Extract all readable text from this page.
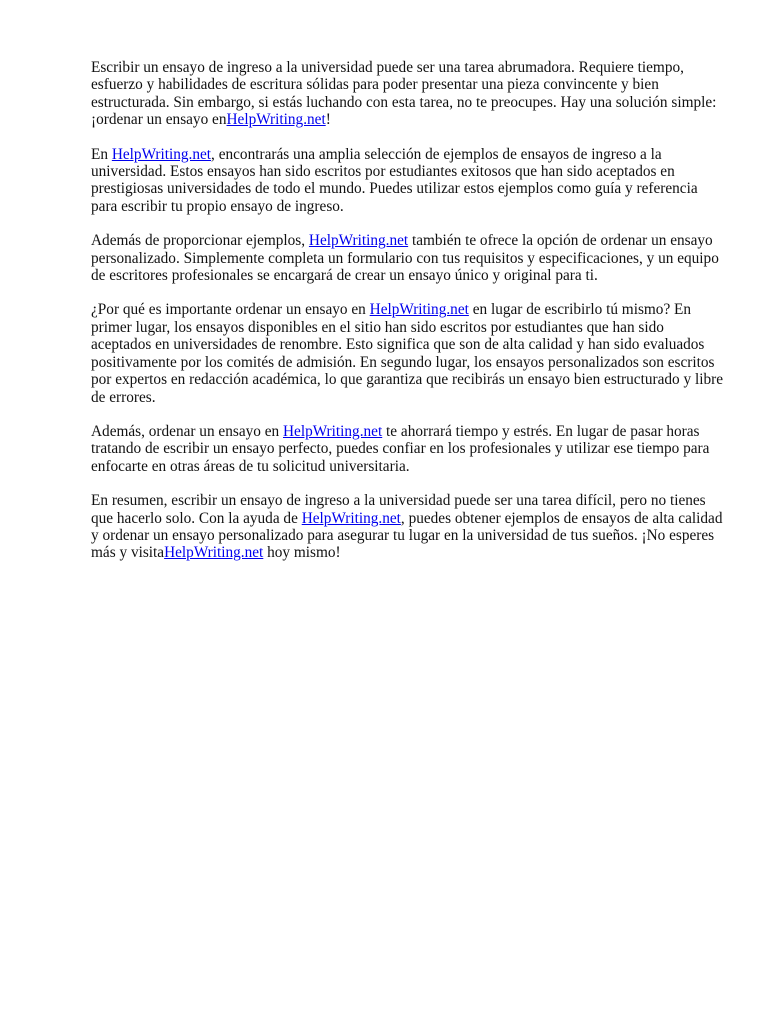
Escribir un ensayo de ingreso a la universidad puede ser una tarea abrumadora. Requiere tiempo, esfuerzo y habilidades de escritura sólidas para poder presentar una pieza convincente y bien estructurada. Sin embargo, si estás luchando con esta tarea, no te preocupes. Hay una solución simple: ¡ordenar un ensayo enHelpWriting.net!

En HelpWriting.net, encontrarás una amplia selección de ejemplos de ensayos de ingreso a la universidad. Estos ensayos han sido escritos por estudiantes exitosos que han sido aceptados en prestigiosas universidades de todo el mundo. Puedes utilizar estos ejemplos como guía y referencia para escribir tu propio ensayo de ingreso.

Además de proporcionar ejemplos, HelpWriting.net también te ofrece la opción de ordenar un ensayo personalizado. Simplemente completa un formulario con tus requisitos y especificaciones, y un equipo de escritores profesionales se encargará de crear un ensayo único y original para ti.

¿Por qué es importante ordenar un ensayo en HelpWriting.net en lugar de escribirlo tú mismo? En primer lugar, los ensayos disponibles en el sitio han sido escritos por estudiantes que han sido aceptados en universidades de renombre. Esto significa que son de alta calidad y han sido evaluados positivamente por los comités de admisión. En segundo lugar, los ensayos personalizados son escritos por expertos en redacción académica, lo que garantiza que recibirás un ensayo bien estructurado y libre de errores.

Además, ordenar un ensayo en HelpWriting.net te ahorrará tiempo y estrés. En lugar de pasar horas tratando de escribir un ensayo perfecto, puedes confiar en los profesionales y utilizar ese tiempo para enfocarte en otras áreas de tu solicitud universitaria.

En resumen, escribir un ensayo de ingreso a la universidad puede ser una tarea difícil, pero no tienes que hacerlo solo. Con la ayuda de HelpWriting.net, puedes obtener ejemplos de ensayos de alta calidad y ordenar un ensayo personalizado para asegurar tu lugar en la universidad de tus sueños. ¡No esperes más y visitaHelpWriting.net hoy mismo!
